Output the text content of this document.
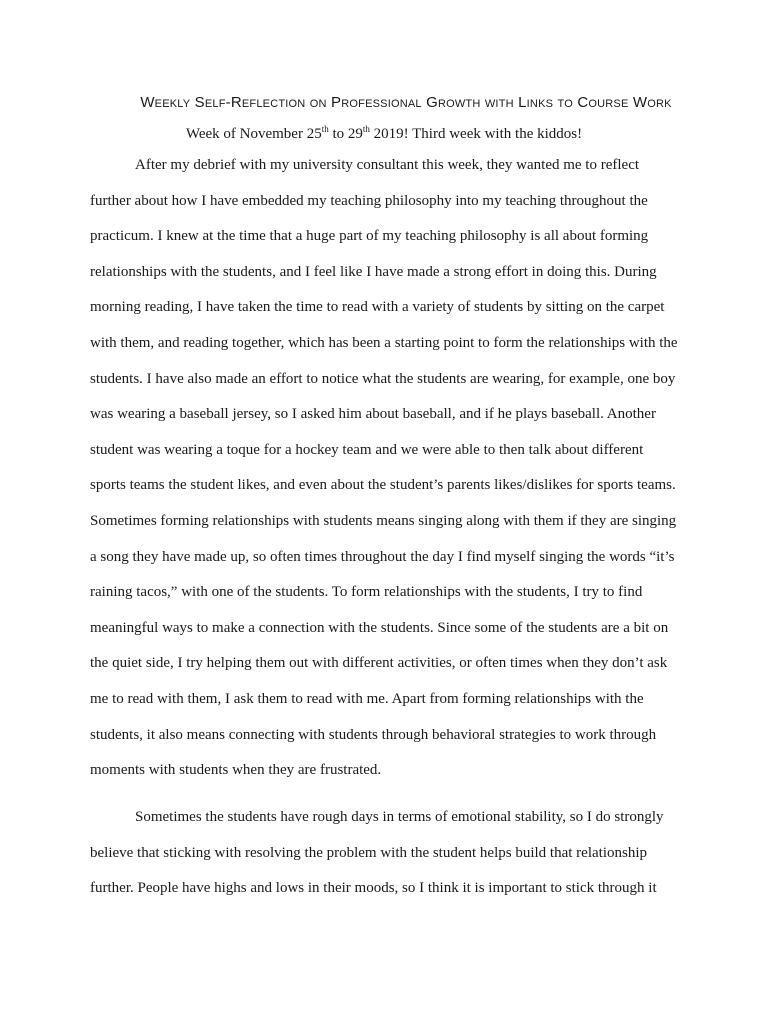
Weekly Self-Reflection on Professional Growth with Links to Course Work

Week of November 25th to 29th 2019! Third week with the kiddos!

After my debrief with my university consultant this week, they wanted me to reflect further about how I have embedded my teaching philosophy into my teaching throughout the practicum. I knew at the time that a huge part of my teaching philosophy is all about forming relationships with the students, and I feel like I have made a strong effort in doing this. During morning reading, I have taken the time to read with a variety of students by sitting on the carpet with them, and reading together, which has been a starting point to form the relationships with the students. I have also made an effort to notice what the students are wearing, for example, one boy was wearing a baseball jersey, so I asked him about baseball, and if he plays baseball. Another student was wearing a toque for a hockey team and we were able to then talk about different sports teams the student likes, and even about the student’s parents likes/dislikes for sports teams. Sometimes forming relationships with students means singing along with them if they are singing a song they have made up, so often times throughout the day I find myself singing the words “it’s raining tacos,” with one of the students. To form relationships with the students, I try to find meaningful ways to make a connection with the students. Since some of the students are a bit on the quiet side, I try helping them out with different activities, or often times when they don’t ask me to read with them, I ask them to read with me. Apart from forming relationships with the students, it also means connecting with students through behavioral strategies to work through moments with students when they are frustrated.

Sometimes the students have rough days in terms of emotional stability, so I do strongly believe that sticking with resolving the problem with the student helps build that relationship further. People have highs and lows in their moods, so I think it is important to stick through it
